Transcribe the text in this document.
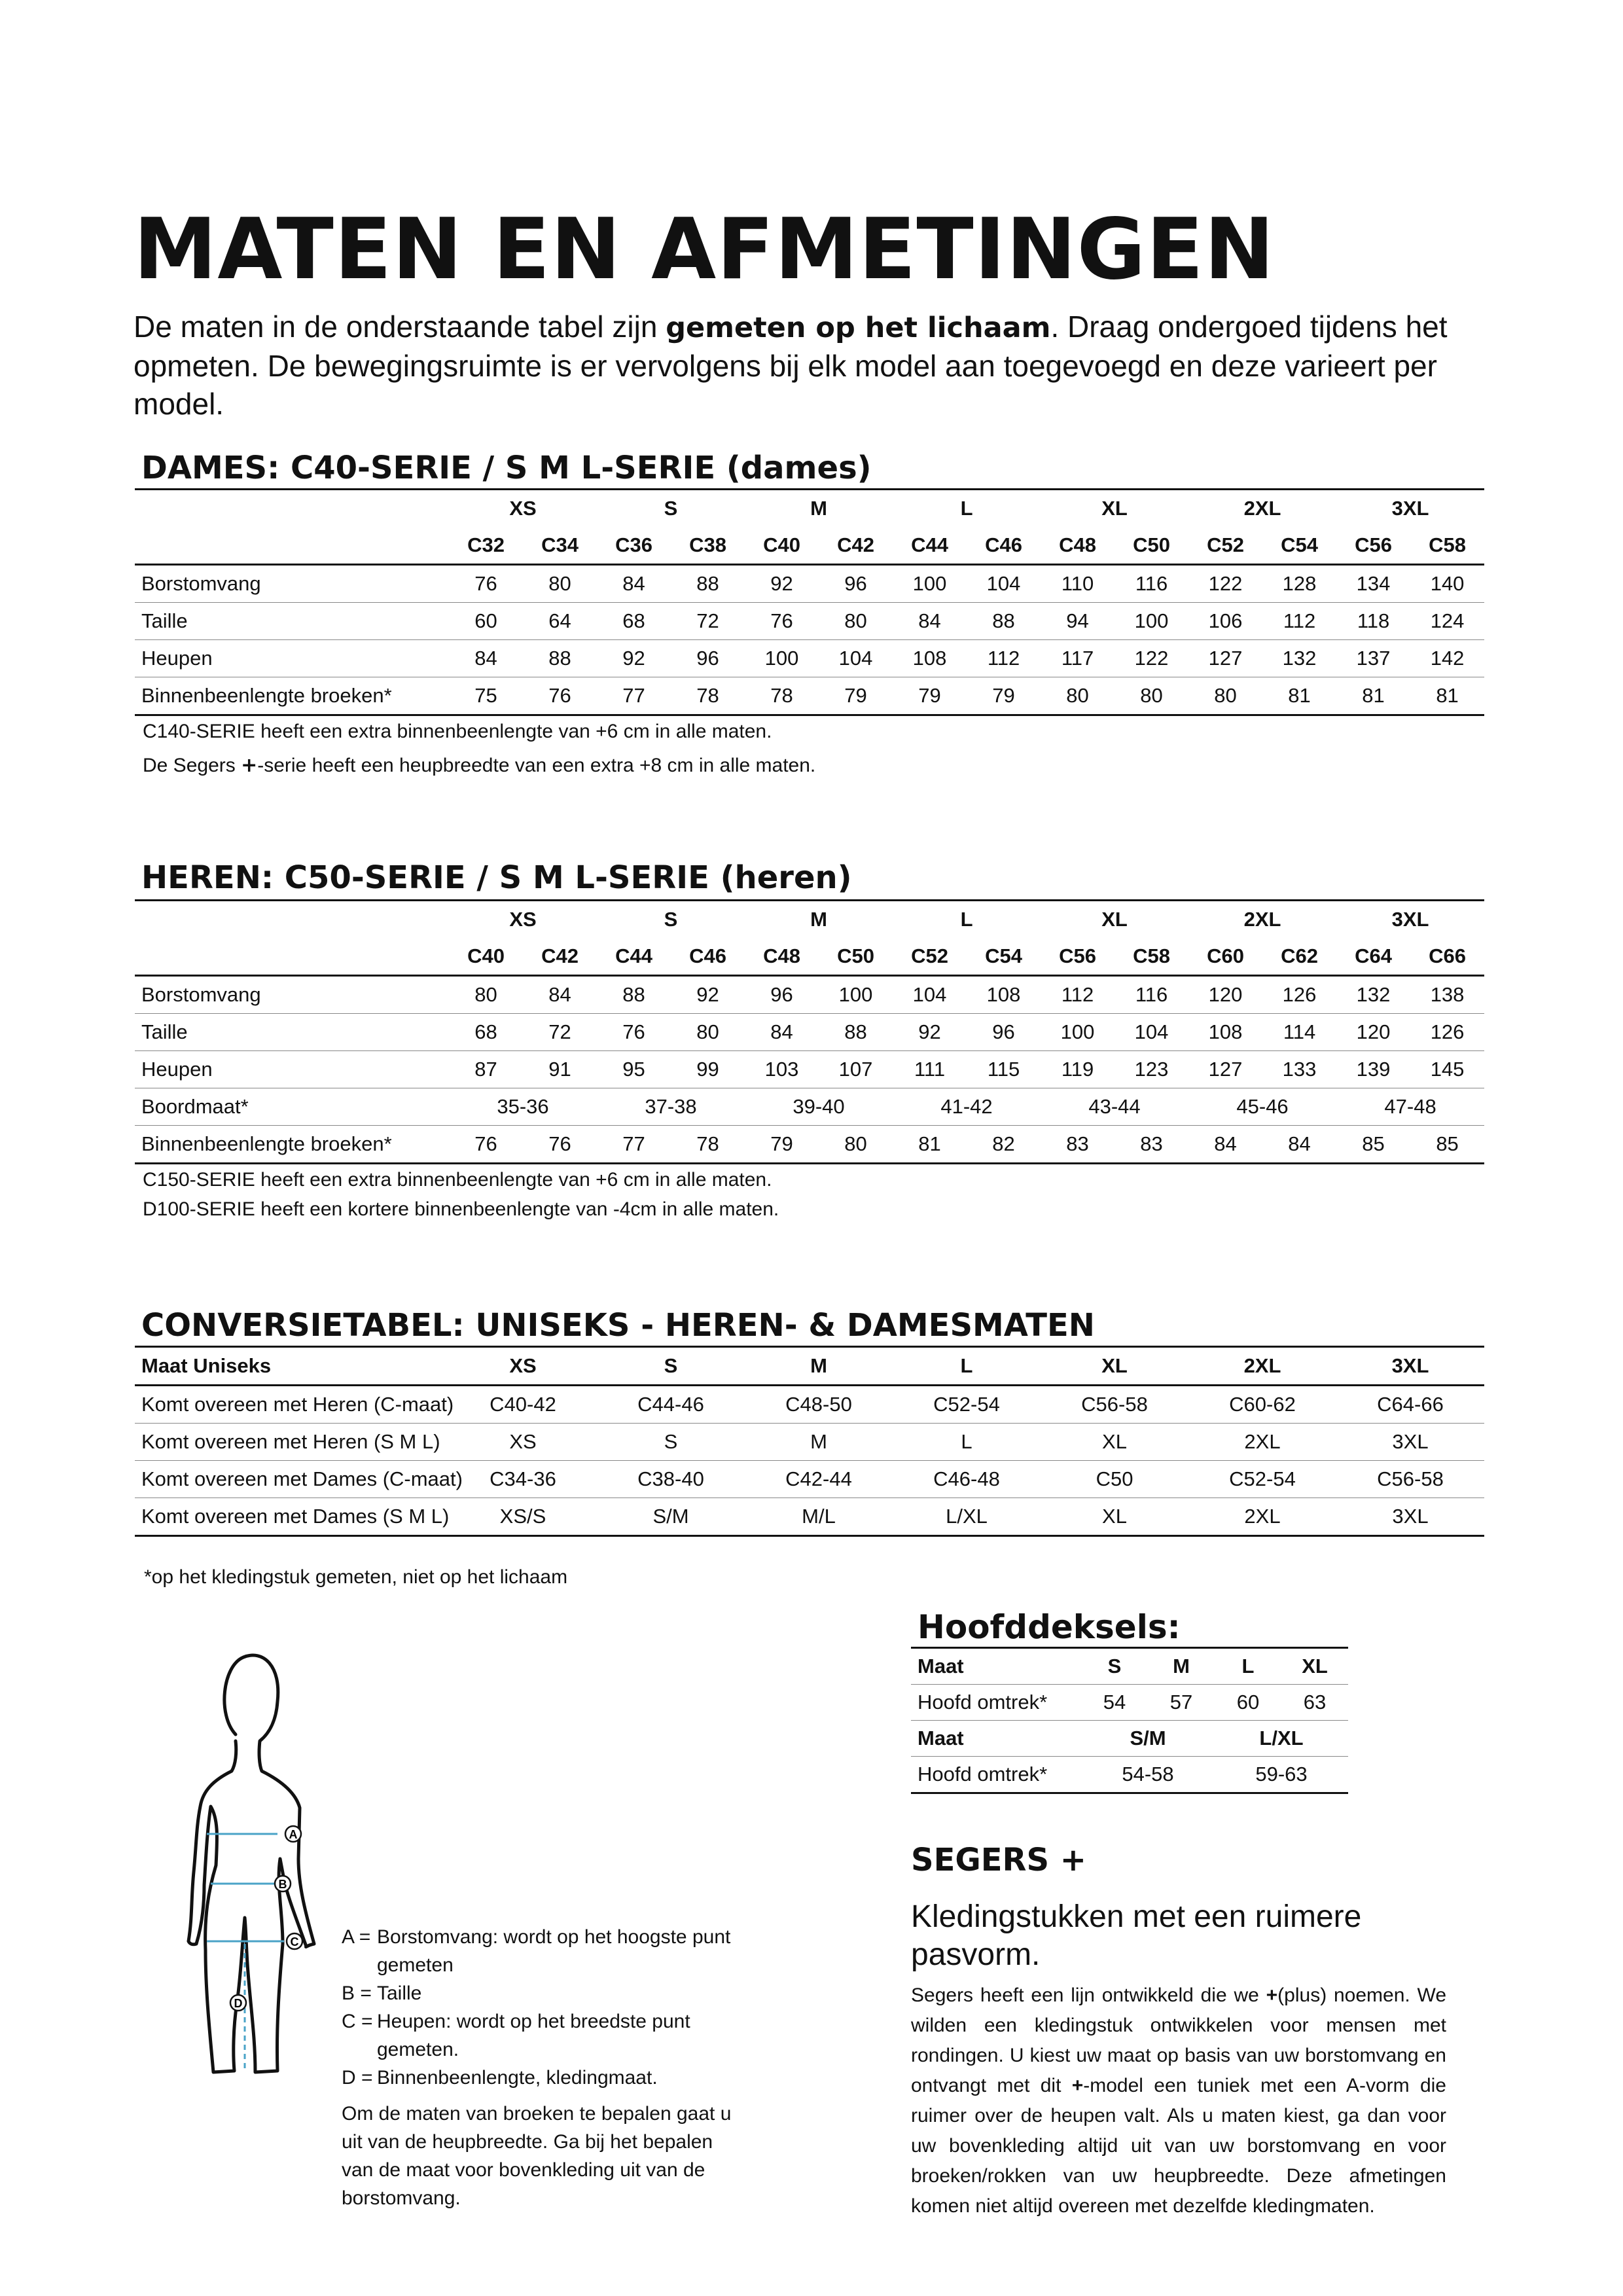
MATEN EN AFMETINGEN

De maten in de onderstaande tabel zijn gemeten op het lichaam. Draag ondergoed tijdens het opmeten. De bewegingsruimte is er vervolgens bij elk model aan toegevoegd en deze varieert per model.

DAMES: C40-SERIE / S M L-SERIE (dames)
	XS		S		M		L		XL		2XL		3XL	
	C32	C34	C36	C38	C40	C42	C44	C46	C48	C50	C52	C54	C56	C58
Borstomvang	76	80	84	88	92	96	100	104	110	116	122	128	134	140
Taille	60	64	68	72	76	80	84	88	94	100	106	112	118	124
Heupen	84	88	92	96	100	104	108	112	117	122	127	132	137	142
Binnenbeenlengte broeken*	75	76	77	78	78	79	79	79	80	80	80	81	81	81

C140-SERIE heeft een extra binnenbeenlengte van +6 cm in alle maten.

De Segers +-serie heeft een heupbreedte van een extra +8 cm in alle maten.

HEREN: C50-SERIE / S M L-SERIE (heren)
	XS		S		M		L		XL		2XL		3XL	
	C40	C42	C44	C46	C48	C50	C52	C54	C56	C58	C60	C62	C64	C66
Borstomvang	80	84	88	92	96	100	104	108	112	116	120	126	132	138
Taille	68	72	76	80	84	88	92	96	100	104	108	114	120	126
Heupen	87	91	95	99	103	107	111	115	119	123	127	133	139	145
Boordmaat*	35-36		37-38		39-40		41-42		43-44		45-46		47-48	
Binnenbeenlengte broeken*	76	76	77	78	79	80	81	82	83	83	84	84	85	85

C150-SERIE heeft een extra binnenbeenlengte van +6 cm in alle maten.

D100-SERIE heeft een kortere binnenbeenlengte van -4cm in alle maten.

CONVERSIETABEL: UNISEKS - HEREN- & DAMESMATEN
Maat Uniseks	XS	S	M	L	XL	2XL	3XL
Komt overeen met Heren (C-maat)	C40-42	C44-46	C48-50	C52-54	C56-58	C60-62	C64-66
Komt overeen met Heren (S M L)	XS	S	M	L	XL	2XL	3XL
Komt overeen met Dames (C-maat)	C34-36	C38-40	C42-44	C46-48	C50	C52-54	C56-58
Komt overeen met Dames (S M L)	XS/S	S/M	M/L	L/XL	XL	2XL	3XL

*op het kledingstuk gemeten, niet op het lichaam

Hoofddeksels:
Maat	S	M	L	XL
Hoofd omtrek*	54	57	60	63
Maat	S/M		L/XL	
Hoofd omtrek*	54-58		59-63	
SEGERS +

Kledingstukken met een ruimere pasvorm.

Segers heeft een lijn ontwikkeld die we +(plus) noemen. We wilden een kledingstuk ontwikkelen voor mensen met rondingen. U kiest uw maat op basis van uw borstomvang en ontvangt met dit +-model een tuniek met een A-vorm die ruimer over de heupen valt. Als u maten kiest, ga dan voor uw bovenkleding altijd uit van uw borstomvang en voor broeken/rokken van uw heupbreedte. Deze afmetingen komen niet altijd overeen met dezelfde kledingmaten.

A
B
C
D
A = Borstomvang: wordt op het hoogste punt gemeten
B = Taille
C = Heupen: wordt op het breedste punt gemeten.
D = Binnenbeenlengte, kledingmaat.

Om de maten van broeken te bepalen gaat u uit van de heupbreedte. Ga bij het bepalen van de maat voor bovenkleding uit van de borstomvang.
